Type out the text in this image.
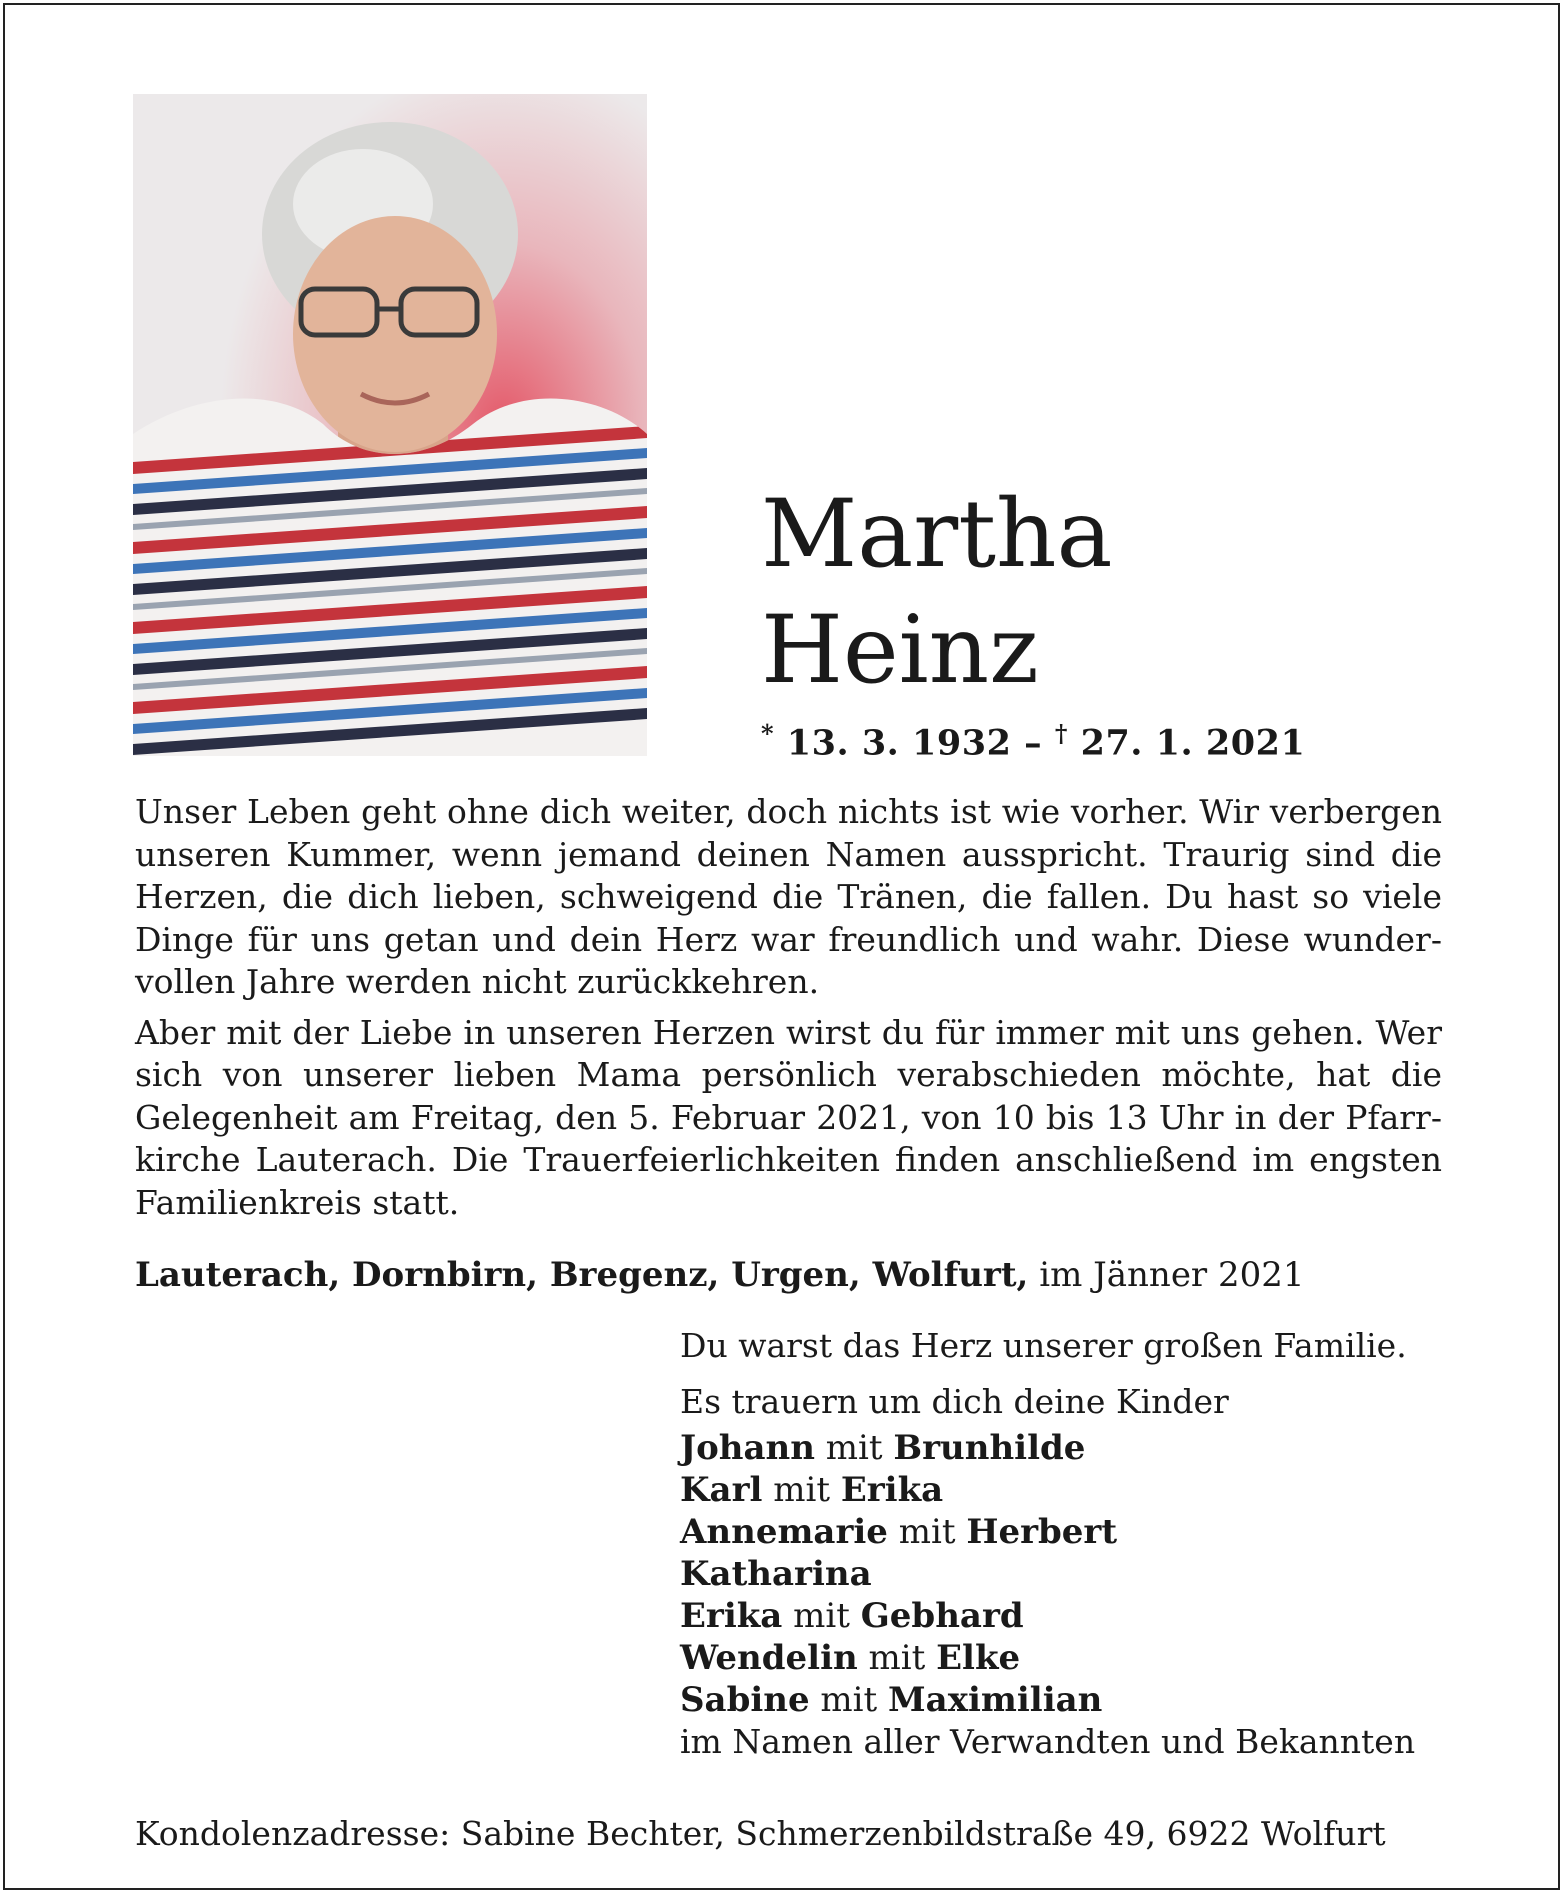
Martha
Heinz
* 13. 3. 1932 – † 27. 1. 2021

Unser Leben geht ohne dich weiter, doch nichts ist wie vorher. Wir verbergen unseren Kummer, wenn jemand deinen Namen ausspricht. Traurig sind die Herzen, die dich lieben, schweigend die Tränen, die fallen. Du hast so viele Dinge für uns getan und dein Herz war freundlich und wahr. Diese wundervollen Jahre werden nicht zurückkehren.

Aber mit der Liebe in unseren Herzen wirst du für immer mit uns gehen. Wer sich von unserer lieben Mama persönlich verabschieden möchte, hat die Gelegenheit am Freitag, den 5. Februar 2021, von 10 bis 13 Uhr in der Pfarrkirche Lauterach. Die Trauerfeierlichkeiten finden anschließend im engsten Familienkreis statt.

Lauterach, Dornbirn, Bregenz, Urgen, Wolfurt, im Jänner 2021
Du warst das Herz unserer großen Familie.
Es trauern um dich deine Kinder
Johann mit Brunhilde
Karl mit Erika
Annemarie mit Herbert
Katharina
Erika mit Gebhard
Wendelin mit Elke
Sabine mit Maximilian
im Namen aller Verwandten und Bekannten
Kondolenzadresse: Sabine Bechter, Schmerzenbildstraße 49, 6922 Wolfurt
